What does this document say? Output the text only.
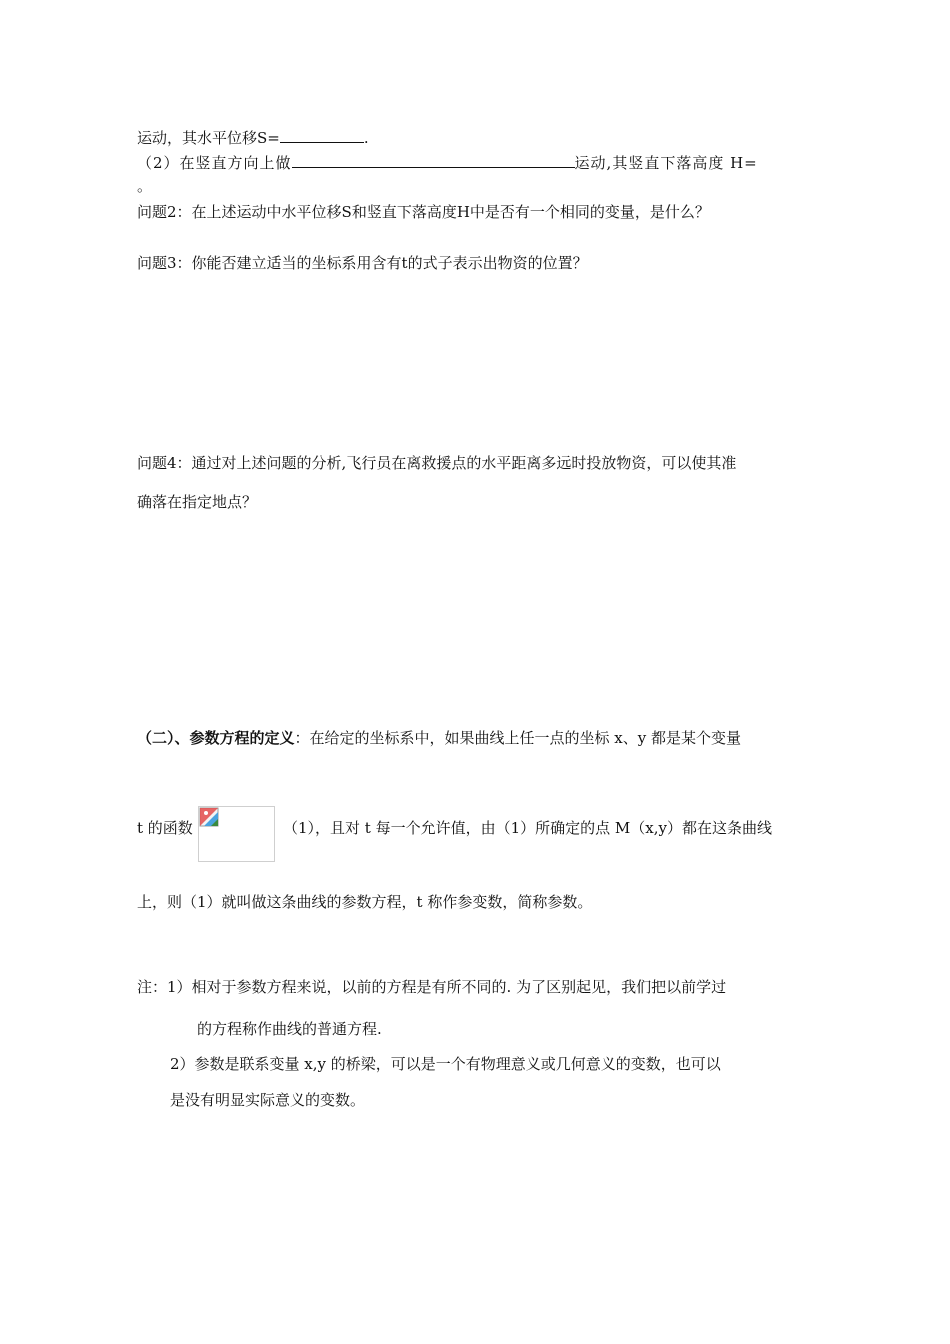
运动，其水平位移S=	.
（2）在竖直方向上做	运动,其竖直下落高度 H=
。
问题2：在上述运动中水平位移S和竖直下落高度H中是否有一个相同的变量，是什么？
问题3：你能否建立适当的坐标系用含有t的式子表示出物资的位置？
问题4：通过对上述问题的分析,飞行员在离救援点的水平距离多远时投放物资，可以使其准
确落在指定地点？
（二）、参数方程的定义：在给定的坐标系中，如果曲线上任一点的坐标 x、y 都是某个变量
t 的函数	（1），且对 t 每一个允许值，由（1）所确定的点 M（x,y）都在这条曲线
上，则（1）就叫做这条曲线的参数方程，t 称作参变数，简称参数。
注：1）相对于参数方程来说，以前的方程是有所不同的. 为了区别起见，我们把以前学过
的方程称作曲线的普通方程.
2）参数是联系变量 x,y 的桥梁，可以是一个有物理意义或几何意义的变数，也可以
是没有明显实际意义的变数。
